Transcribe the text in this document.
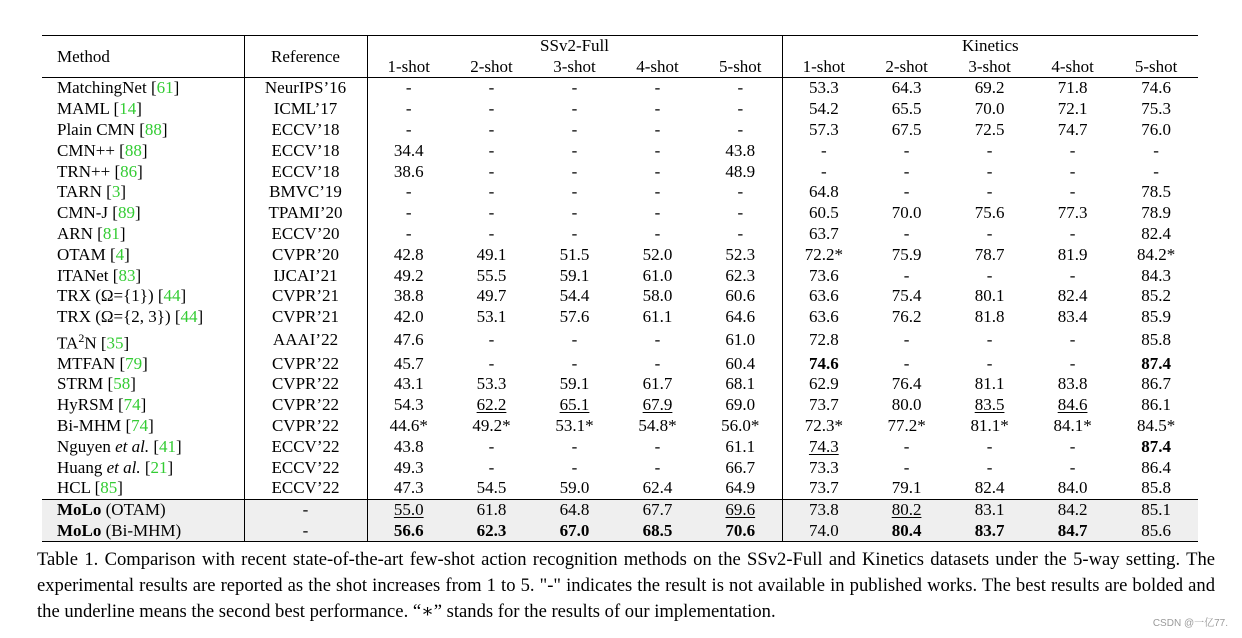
Method	Reference	SSv2-Full					Kinetics				
		1-shot	2-shot	3-shot	4-shot	5-shot	1-shot	2-shot	3-shot	4-shot	5-shot
MatchingNet [61]	NeurIPS’16	-	-	-	-	-	53.3	64.3	69.2	71.8	74.6
MAML [14]	ICML’17	-	-	-	-	-	54.2	65.5	70.0	72.1	75.3
Plain CMN [88]	ECCV’18	-	-	-	-	-	57.3	67.5	72.5	74.7	76.0
CMN++ [88]	ECCV’18	34.4	-	-	-	43.8	-	-	-	-	-
TRN++ [86]	ECCV’18	38.6	-	-	-	48.9	-	-	-	-	-
TARN [3]	BMVC’19	-	-	-	-	-	64.8	-	-	-	78.5
CMN-J [89]	TPAMI’20	-	-	-	-	-	60.5	70.0	75.6	77.3	78.9
ARN [81]	ECCV’20	-	-	-	-	-	63.7	-	-	-	82.4
OTAM [4]	CVPR’20	42.8	49.1	51.5	52.0	52.3	72.2*	75.9	78.7	81.9	84.2*
ITANet [83]	IJCAI’21	49.2	55.5	59.1	61.0	62.3	73.6	-	-	-	84.3
TRX (Ω={1}) [44]	CVPR’21	38.8	49.7	54.4	58.0	60.6	63.6	75.4	80.1	82.4	85.2
TRX (Ω={2, 3}) [44]	CVPR’21	42.0	53.1	57.6	61.1	64.6	63.6	76.2	81.8	83.4	85.9
$TA^2N$ [35]	AAAI’22	47.6	-	-	-	61.0	72.8	-	-	-	85.8
MTFAN [79]	CVPR’22	45.7	-	-	-	60.4	74.6	-	-	-	87.4
STRM [58]	CVPR’22	43.1	53.3	59.1	61.7	68.1	62.9	76.4	81.1	83.8	86.7
HyRSM [74]	CVPR’22	54.3	62.2	65.1	67.9	69.0	73.7	80.0	83.5	84.6	86.1
Bi-MHM [74]	CVPR’22	44.6*	49.2*	53.1*	54.8*	56.0*	72.3*	77.2*	81.1*	84.1*	84.5*
Nguyen et al. [41]	ECCV’22	43.8	-	-	-	61.1	74.3	-	-	-	87.4
Huang et al. [21]	ECCV’22	49.3	-	-	-	66.7	73.3	-	-	-	86.4
HCL [85]	ECCV’22	47.3	54.5	59.0	62.4	64.9	73.7	79.1	82.4	84.0	85.8
MoLo (OTAM)	-	55.0	61.8	64.8	67.7	69.6	73.8	80.2	83.1	84.2	85.1
MoLo (Bi-MHM)	-	56.6	62.3	67.0	68.5	70.6	74.0	80.4	83.7	84.7	85.6

Table 1. Comparison with recent state-of-the-art few-shot action recognition methods on the SSv2-Full and Kinetics datasets under the 5-way setting. The experimental results are reported as the shot increases from 1 to 5. "-" indicates the result is not available in published works. The best results are bolded and the underline means the second best performance. “∗” stands for the results of our implementation.

CSDN @一亿77.
